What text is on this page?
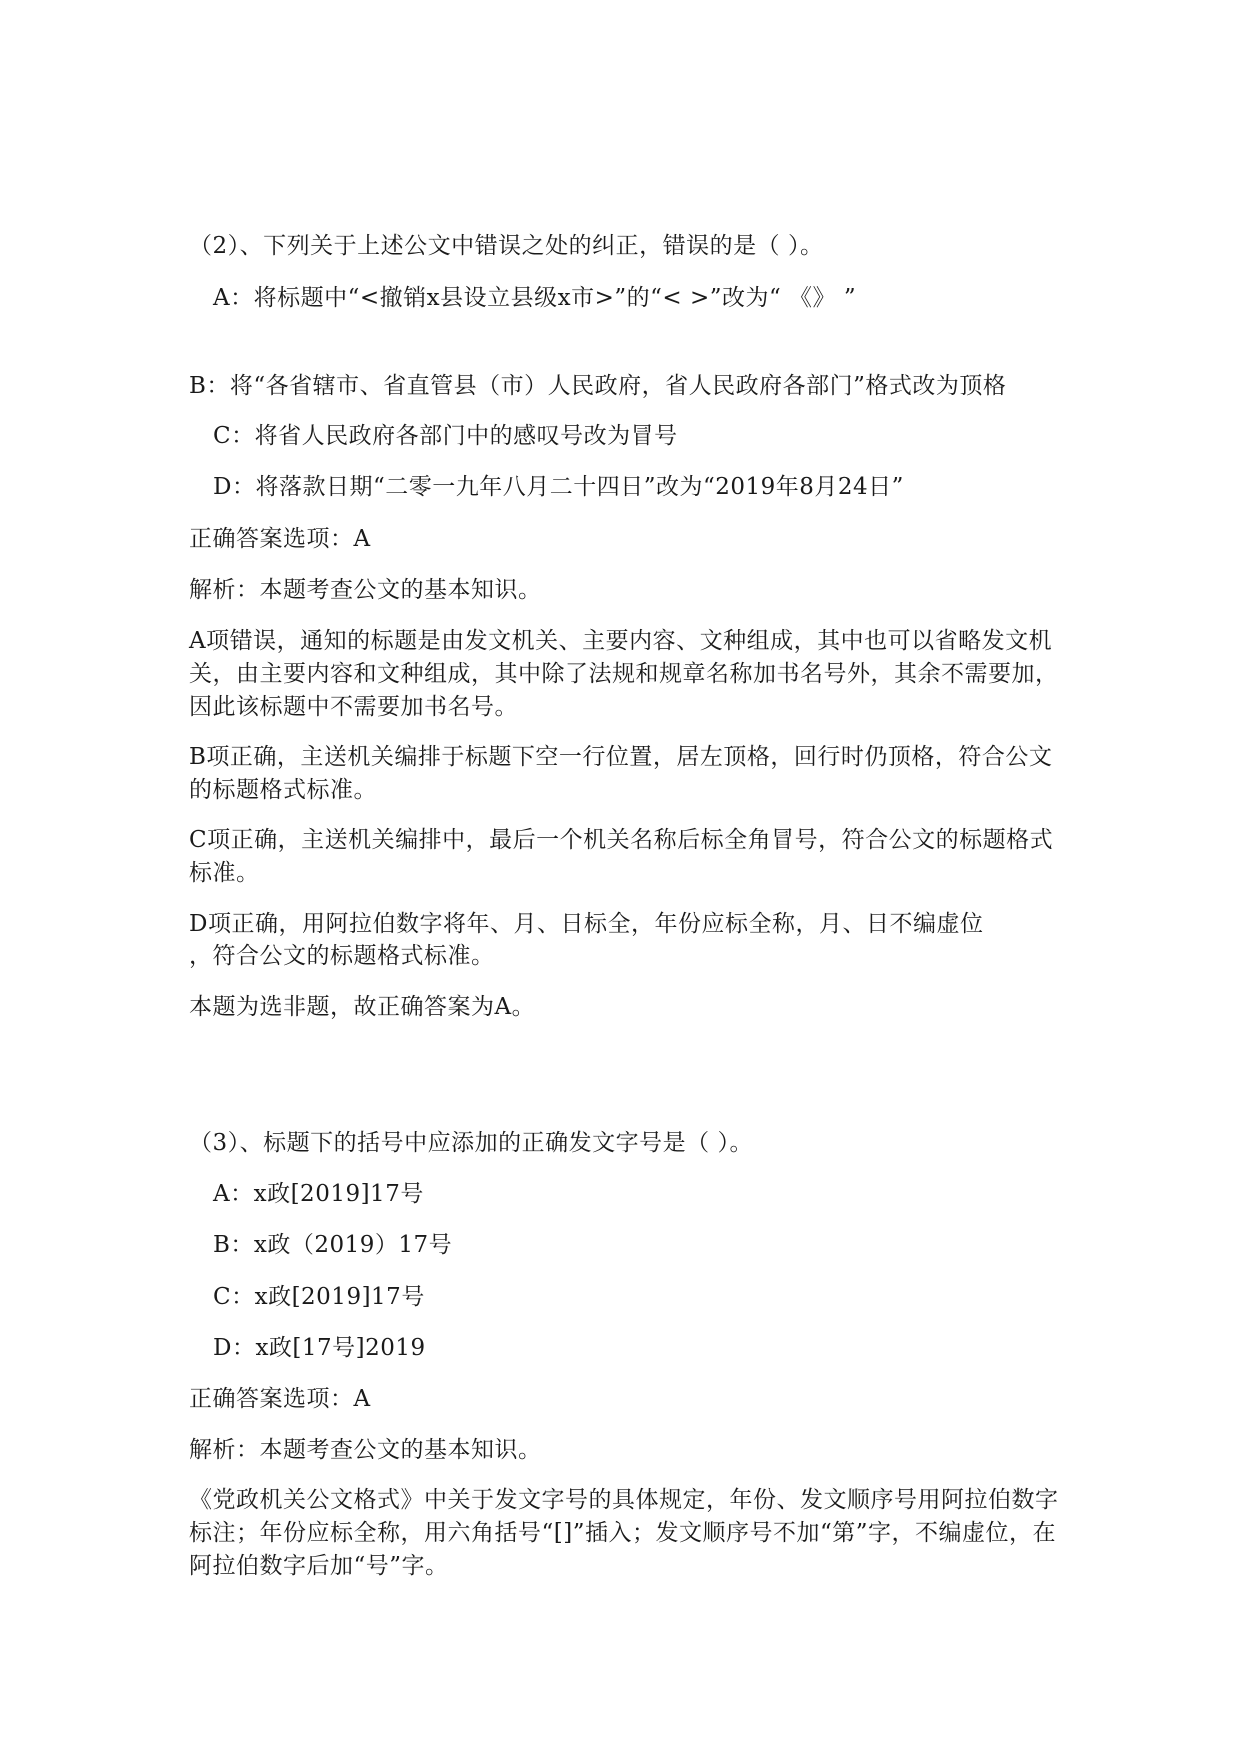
（2）、下列关于上述公文中错误之处的纠正，错误的是（ ）。
A：将标题中“<撤销x县设立县级x市>”的“< >”改为“ 《》 ”
B：将“各省辖市、省直管县（市）人民政府，省人民政府各部门”格式改为顶格
C：将省人民政府各部门中的感叹号改为冒号
D：将落款日期“二零一九年八月二十四日”改为“2019年8月24日”
正确答案选项：A
解析：本题考查公文的基本知识。
A项错误，通知的标题是由发文机关、主要内容、文种组成，其中也可以省略发文机关，由主要内容和文种组成，其中除了法规和规章名称加书名号外，其余不需要加，因此该标题中不需要加书名号。
B项正确，主送机关编排于标题下空一行位置，居左顶格，回行时仍顶格，符合公文的标题格式标准。
C项正确，主送机关编排中，最后一个机关名称后标全角冒号，符合公文的标题格式标准。
D项正确，用阿拉伯数字将年、月、日标全，年份应标全称，月、日不编虚位
，符合公文的标题格式标准。
本题为选非题，故正确答案为A。
（3）、标题下的括号中应添加的正确发文字号是（ ）。
A：x政[2019]17号
B：x政（2019）17号
C：x政[2019]17号
D：x政[17号]2019
正确答案选项：A
解析：本题考查公文的基本知识。
《党政机关公文格式》中关于发文字号的具体规定，年份、发文顺序号用阿拉伯数字标注；年份应标全称，用六角括号“[]”插入；发文顺序号不加“第”字，不编虚位，在阿拉伯数字后加“号”字。
